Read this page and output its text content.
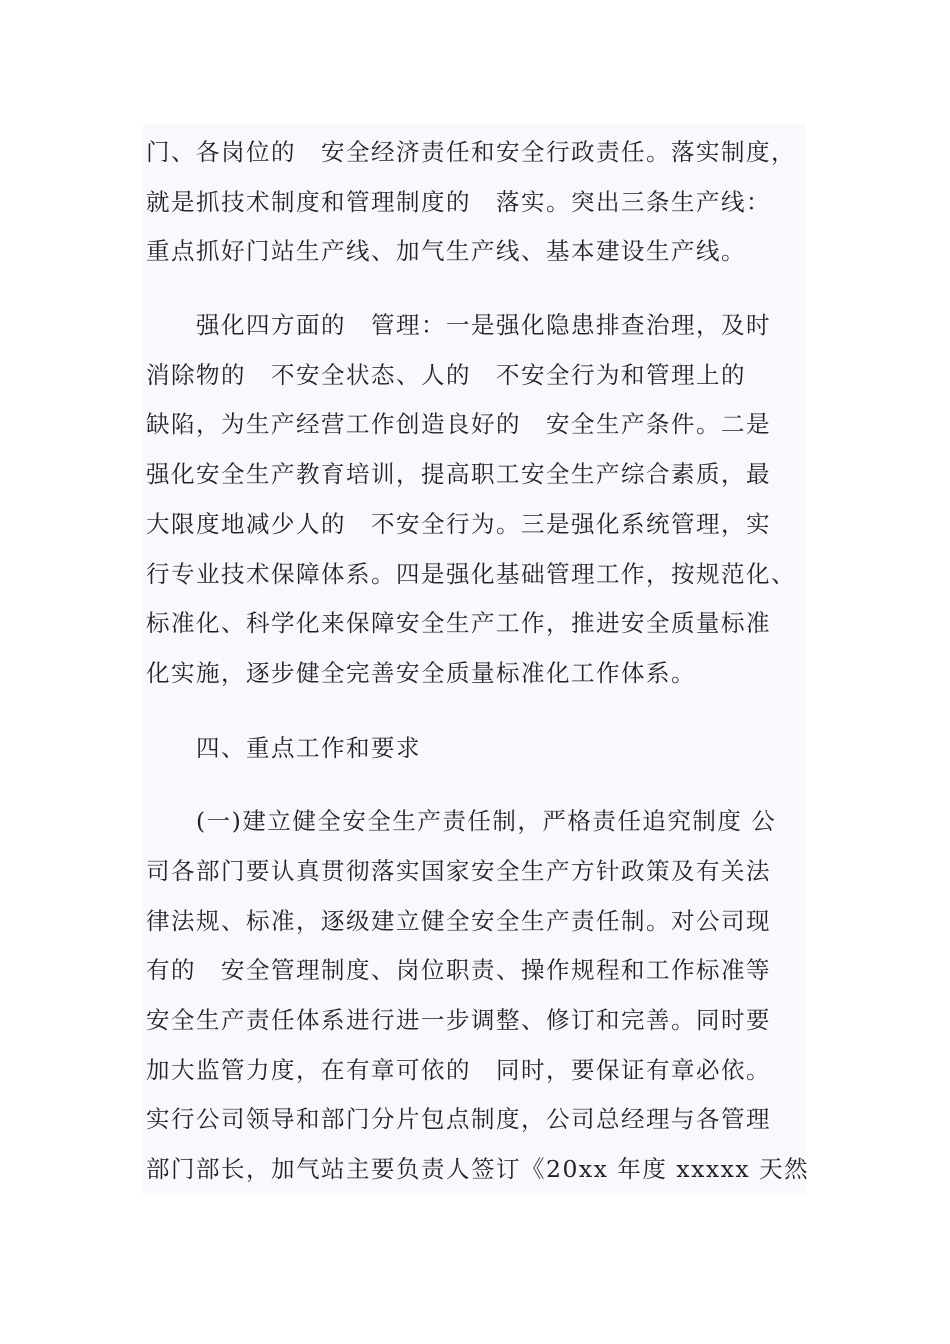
门、各岗位的　安全经济责任和安全行政责任。落实制度，
就是抓技术制度和管理制度的　落实。突出三条生产线：
重点抓好门站生产线、加气生产线、基本建设生产线。
　　强化四方面的　管理：一是强化隐患排查治理，及时
消除物的　不安全状态、人的　不安全行为和管理上的
缺陷，为生产经营工作创造良好的　安全生产条件。二是
强化安全生产教育培训，提高职工安全生产综合素质，最
大限度地减少人的　不安全行为。三是强化系统管理，实
行专业技术保障体系。四是强化基础管理工作，按规范化、
标准化、科学化来保障安全生产工作，推进安全质量标准
化实施，逐步健全完善安全质量标准化工作体系。
　　四、重点工作和要求
　　(一)建立健全安全生产责任制，严格责任追究制度 公
司各部门要认真贯彻落实国家安全生产方针政策及有关法
律法规、标准，逐级建立健全安全生产责任制。对公司现
有的　安全管理制度、岗位职责、操作规程和工作标准等
安全生产责任体系进行进一步调整、修订和完善。同时要
加大监管力度，在有章可依的　同时，要保证有章必依。
实行公司领导和部门分片包点制度，公司总经理与各管理
部门部长，加气站主要负责人签订《20xx 年度 xxxxx 天然
